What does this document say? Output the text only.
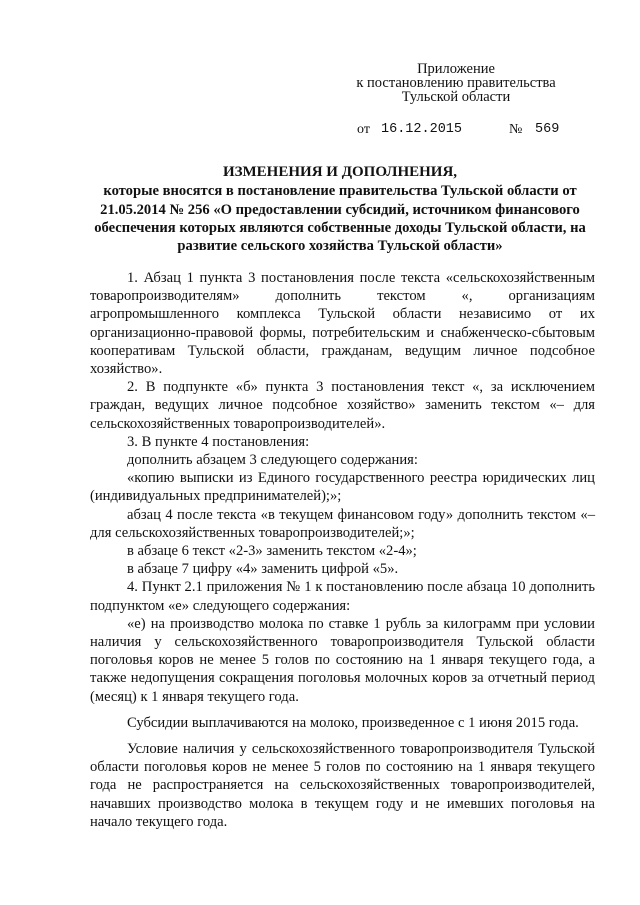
Приложение
к постановлению правительства
Тульской области
от 16.12.2015	№ 569
ИЗМЕНЕНИЯ И ДОПОЛНЕНИЯ,
которые вносятся в постановление правительства Тульской области от 21.05.2014 № 256 «О предоставлении субсидий, источником финансового обеспечения которых являются собственные доходы Тульской области, на развитие сельского хозяйства Тульской области»

1. Абзац 1 пункта 3 постановления после текста «сельскохозяйственным товаропроизводителям» дополнить текстом «, организациям агропромышленного комплекса Тульской области независимо от их организационно-правовой формы, потребительским и снабженческо-сбытовым кооперативам Тульской области, гражданам, ведущим личное подсобное хозяйство».

2. В подпункте «б» пункта 3 постановления текст «, за исключением граждан, ведущих личное подсобное хозяйство» заменить текстом «– для сельскохозяйственных товаропроизводителей».

3. В пункте 4 постановления:

дополнить абзацем 3 следующего содержания:

«копию выписки из Единого государственного реестра юридических лиц (индивидуальных предпринимателей);»;

абзац 4 после текста «в текущем финансовом году» дополнить текстом «– для сельскохозяйственных товаропроизводителей;»;

в абзаце 6 текст «2-3» заменить текстом «2-4»;

в абзаце 7 цифру «4» заменить цифрой «5».

4. Пункт 2.1 приложения № 1 к постановлению после абзаца 10 дополнить подпунктом «е» следующего содержания:

«е) на производство молока по ставке 1 рубль за килограмм при условии наличия у сельскохозяйственного товаропроизводителя Тульской области поголовья коров не менее 5 голов по состоянию на 1 января текущего года, а также недопущения сокращения поголовья молочных коров за отчетный период (месяц) к 1 января текущего года.

Субсидии выплачиваются на молоко, произведенное с 1 июня 2015 года.

Условие наличия у сельскохозяйственного товаропроизводителя Тульской области поголовья коров не менее 5 голов по состоянию на 1 января текущего года не распространяется на сельскохозяйственных товаропроизводителей, начавших производство молока в текущем году и не имевших поголовья на начало текущего года.
